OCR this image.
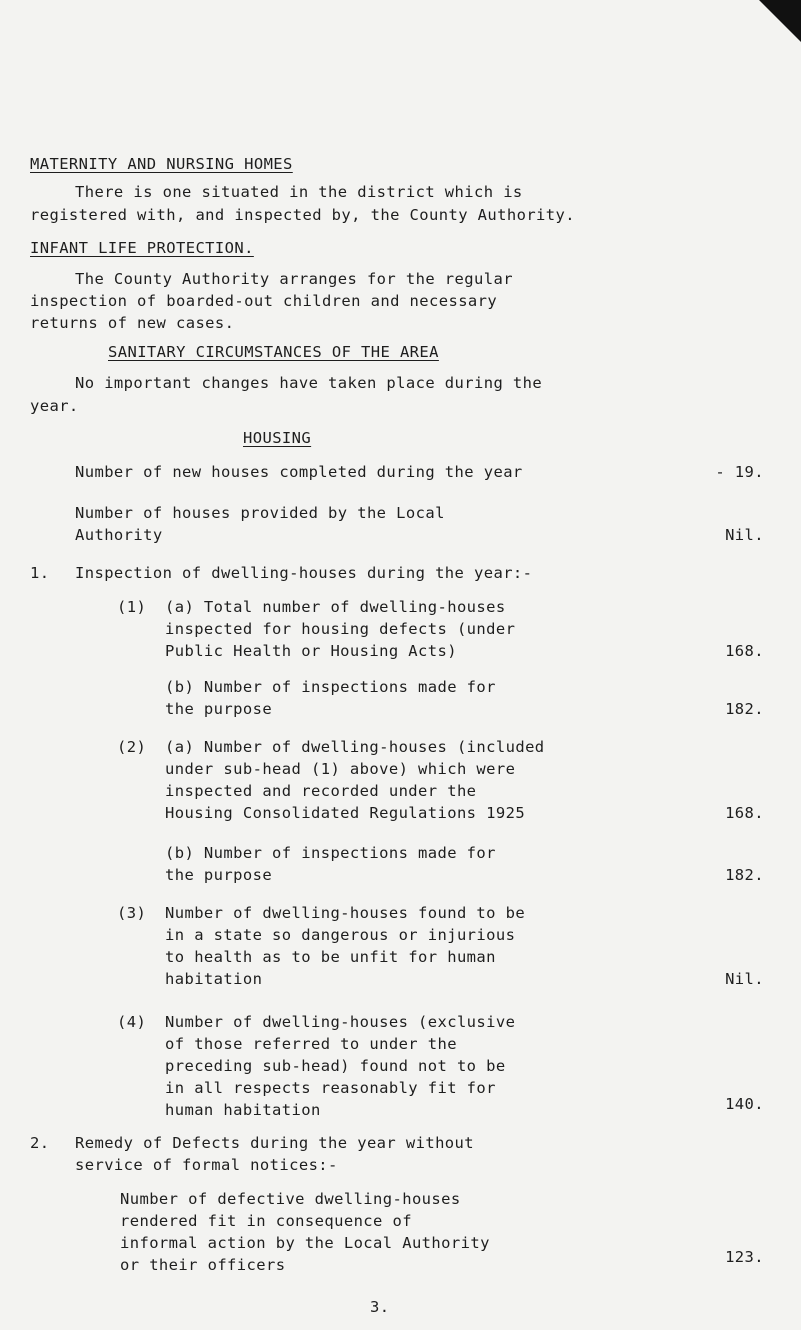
MATERNITY AND NURSING HOMES
There is one situated in the district which is
registered with, and inspected by, the County Authority.
INFANT LIFE PROTECTION.
The County Authority arranges for the regular
inspection of boarded-out children and necessary
returns of new cases.
SANITARY CIRCUMSTANCES OF THE AREA
No important changes have taken place during the
year.
HOUSING
Number of new houses completed during the year	- 19.
Number of houses provided by the Local
Authority	Nil.
1. Inspection of dwelling-houses during the year:-
(1) (a) Total number of dwelling-houses
inspected for housing defects (under
Public Health or Housing Acts)	168.
(b) Number of inspections made for
the purpose	182.
(2) (a) Number of dwelling-houses (included
under sub-head (1) above) which were
inspected and recorded under the
Housing Consolidated Regulations 1925	168.
(b) Number of inspections made for
the purpose	182.
(3) Number of dwelling-houses found to be
in a state so dangerous or injurious
to health as to be unfit for human
habitation	Nil.
(4) Number of dwelling-houses (exclusive
of those referred to under the
preceding sub-head) found not to be
in all respects reasonably fit for
human habitation	140.
2. Remedy of Defects during the year without
service of formal notices:-
Number of defective dwelling-houses
rendered fit in consequence of
informal action by the Local Authority
or their officers	123.
3.
